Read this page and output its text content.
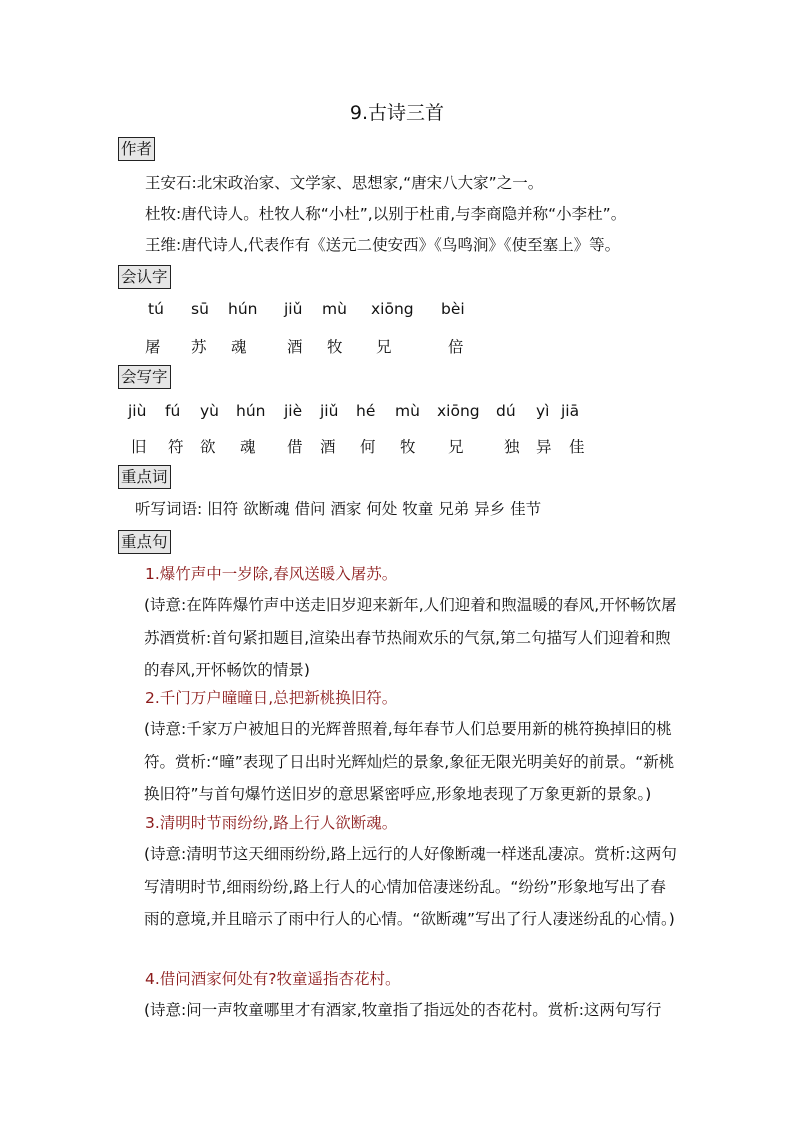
9.古诗三首
作者
王安石:北宋政治家、文学家、思想家,“唐宋八大家”之一。
杜牧:唐代诗人。杜牧人称“小杜”,以别于杜甫,与李商隐并称“小李杜”。
王维:唐代诗人,代表作有《送元二使安西》《鸟鸣涧》《使至塞上》等。
会认字
tú sū hún jiǔ mù xiōng bèi
屠 苏 魂	酒 牧 兄	倍
会写字
jiù fú yù hún jiè jiǔ hé mù xiōng dú yì jiā
旧 符 欲 魂 借 酒 何 牧 兄	独 异 佳
重点词
听写词语: 旧符 欲断魂 借问 酒家 何处 牧童 兄弟 异乡 佳节
重点句
1.爆竹声中一岁除,春风送暖入屠苏。
(诗意:在阵阵爆竹声中送走旧岁迎来新年,人们迎着和煦温暖的春风,开怀畅饮屠苏酒赏析:首句紧扣题目,渲染出春节热闹欢乐的气氛,第二句描写人们迎着和煦的春风,开怀畅饮的情景)
2.千门万户曈曈日,总把新桃换旧符。
(诗意:千家万户被旭日的光辉普照着,每年春节人们总要用新的桃符换掉旧的桃符。赏析:“曈”表现了日出时光辉灿烂的景象,象征无限光明美好的前景。“新桃换旧符”与首句爆竹送旧岁的意思紧密呼应,形象地表现了万象更新的景象。)
3.清明时节雨纷纷,路上行人欲断魂。
(诗意:清明节这天细雨纷纷,路上远行的人好像断魂一样迷乱凄凉。赏析:这两句写清明时节,细雨纷纷,路上行人的心情加倍凄迷纷乱。“纷纷”形象地写出了春雨的意境,并且暗示了雨中行人的心情。“欲断魂”写出了行人凄迷纷乱的心情。)
4.借问酒家何处有?牧童遥指杏花村。
(诗意:问一声牧童哪里才有酒家,牧童指了指远处的杏花村。赏析:这两句写行
